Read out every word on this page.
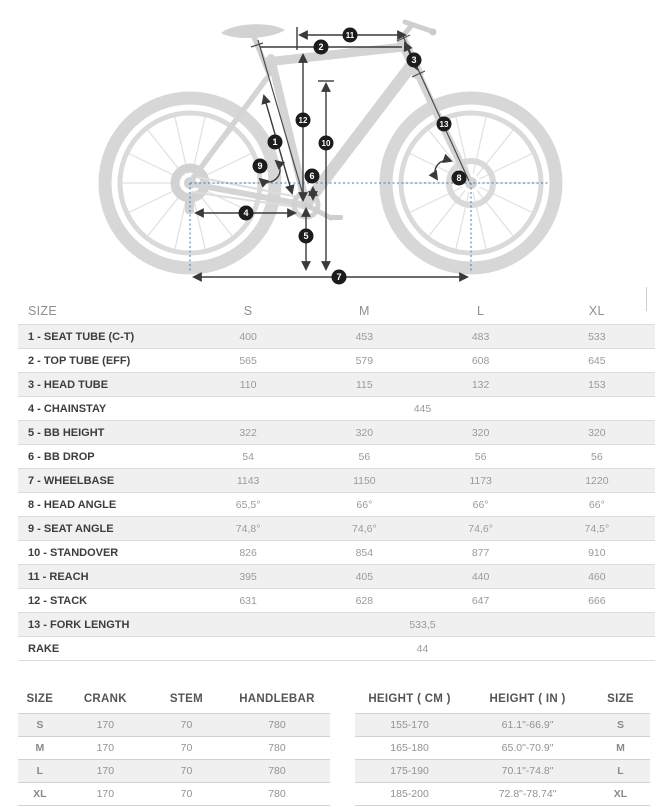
1
2
3
4
5
6
7
8
9
10
11
12	13
SIZE	S	M	L	XL
1 - SEAT TUBE (C-T)	400	453	483	533
2 - TOP TUBE (EFF)	565	579	608	645
3 - HEAD TUBE	110	115	132	153
4 - CHAINSTAY	445			
5 - BB HEIGHT	322	320	320	320
6 - BB DROP	54	56	56	56
7 - WHEELBASE	1143	1150	1173	1220
8 - HEAD ANGLE	65,5°	66°	66°	66°
9 - SEAT ANGLE	74,8°	74,6°	74,6°	74,5°
10 - STANDOVER	826	854	877	910
11 - REACH	395	405	440	460
12 - STACK	631	628	647	666
13 - FORK LENGTH	533,5			
RAKE	44			
SIZE	CRANK	STEM	HANDLEBAR
S	170	70	780
M	170	70	780
L	170	70	780
XL	170	70	780
HEIGHT ( CM )	HEIGHT ( IN )	SIZE
155-170	61.1"-66.9"	S
165-180	65.0"-70.9"	M
175-190	70.1"-74.8"	L
185-200	72.8"-78.74"	XL
